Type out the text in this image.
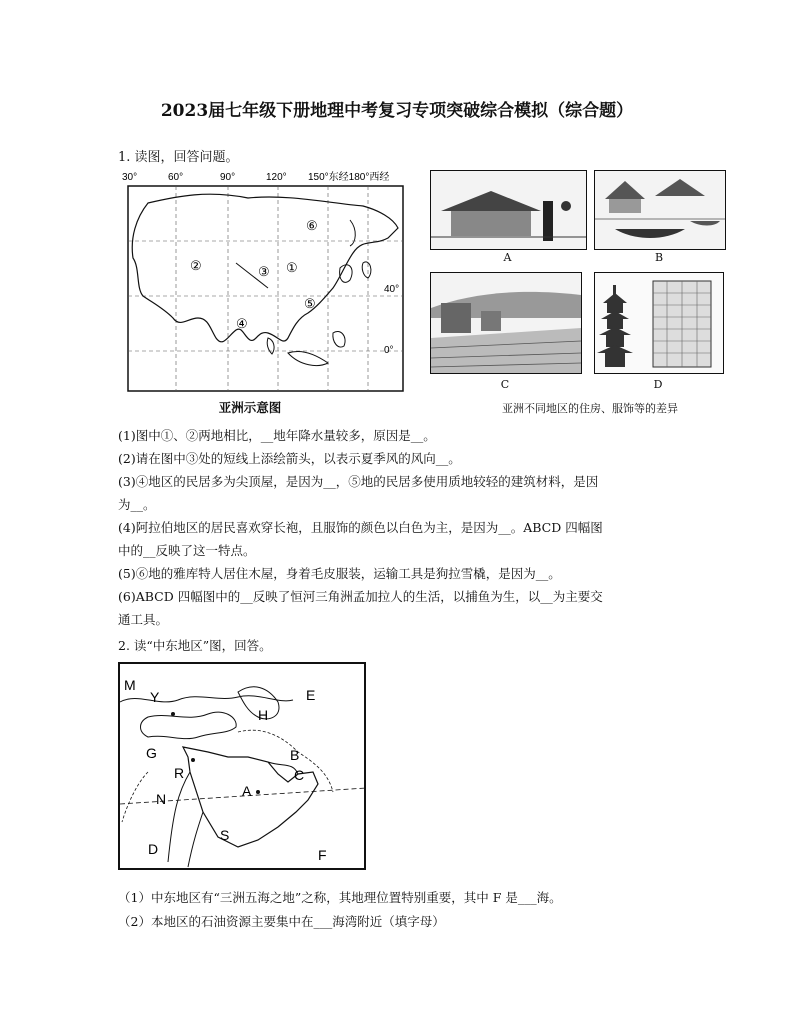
2023届七年级下册地理中考复习专项突破综合模拟（综合题）
1. 读图，回答问题。
30°	60°	90°	120° 150°东经180°西经
40°
0°
①
②	③
④
⑤
⑥
亚洲示意图
A	B
C	D
亚洲不同地区的住房、服饰等的差异
(1)图中①、②两地相比，__地年降水量较多，原因是__。
(2)请在图中③处的短线上添绘箭头，以表示夏季风的风向__。
(3)④地区的民居多为尖顶屋，是因为__，⑤地的民居多使用质地较轻的建筑材料，是因
为__。
(4)阿拉伯地区的居民喜欢穿长袍，且服饰的颜色以白色为主，是因为__。ABCD 四幅图
中的__反映了这一特点。
(5)⑥地的雅库特人居住木屋，身着毛皮服装，运输工具是狗拉雪橇，是因为__。
(6)ABCD 四幅图中的__反映了恒河三角洲孟加拉人的生活，以捕鱼为生，以__为主要交
通工具。
2. 读“中东地区”图，回答。
M
Y	E
H
B
G
R	C
A
N
S
D	F
（1）中东地区有“三洲五海之地”之称，其地理位置特别重要，其中 F 是___海。
（2）本地区的石油资源主要集中在___海湾附近（填字母）
